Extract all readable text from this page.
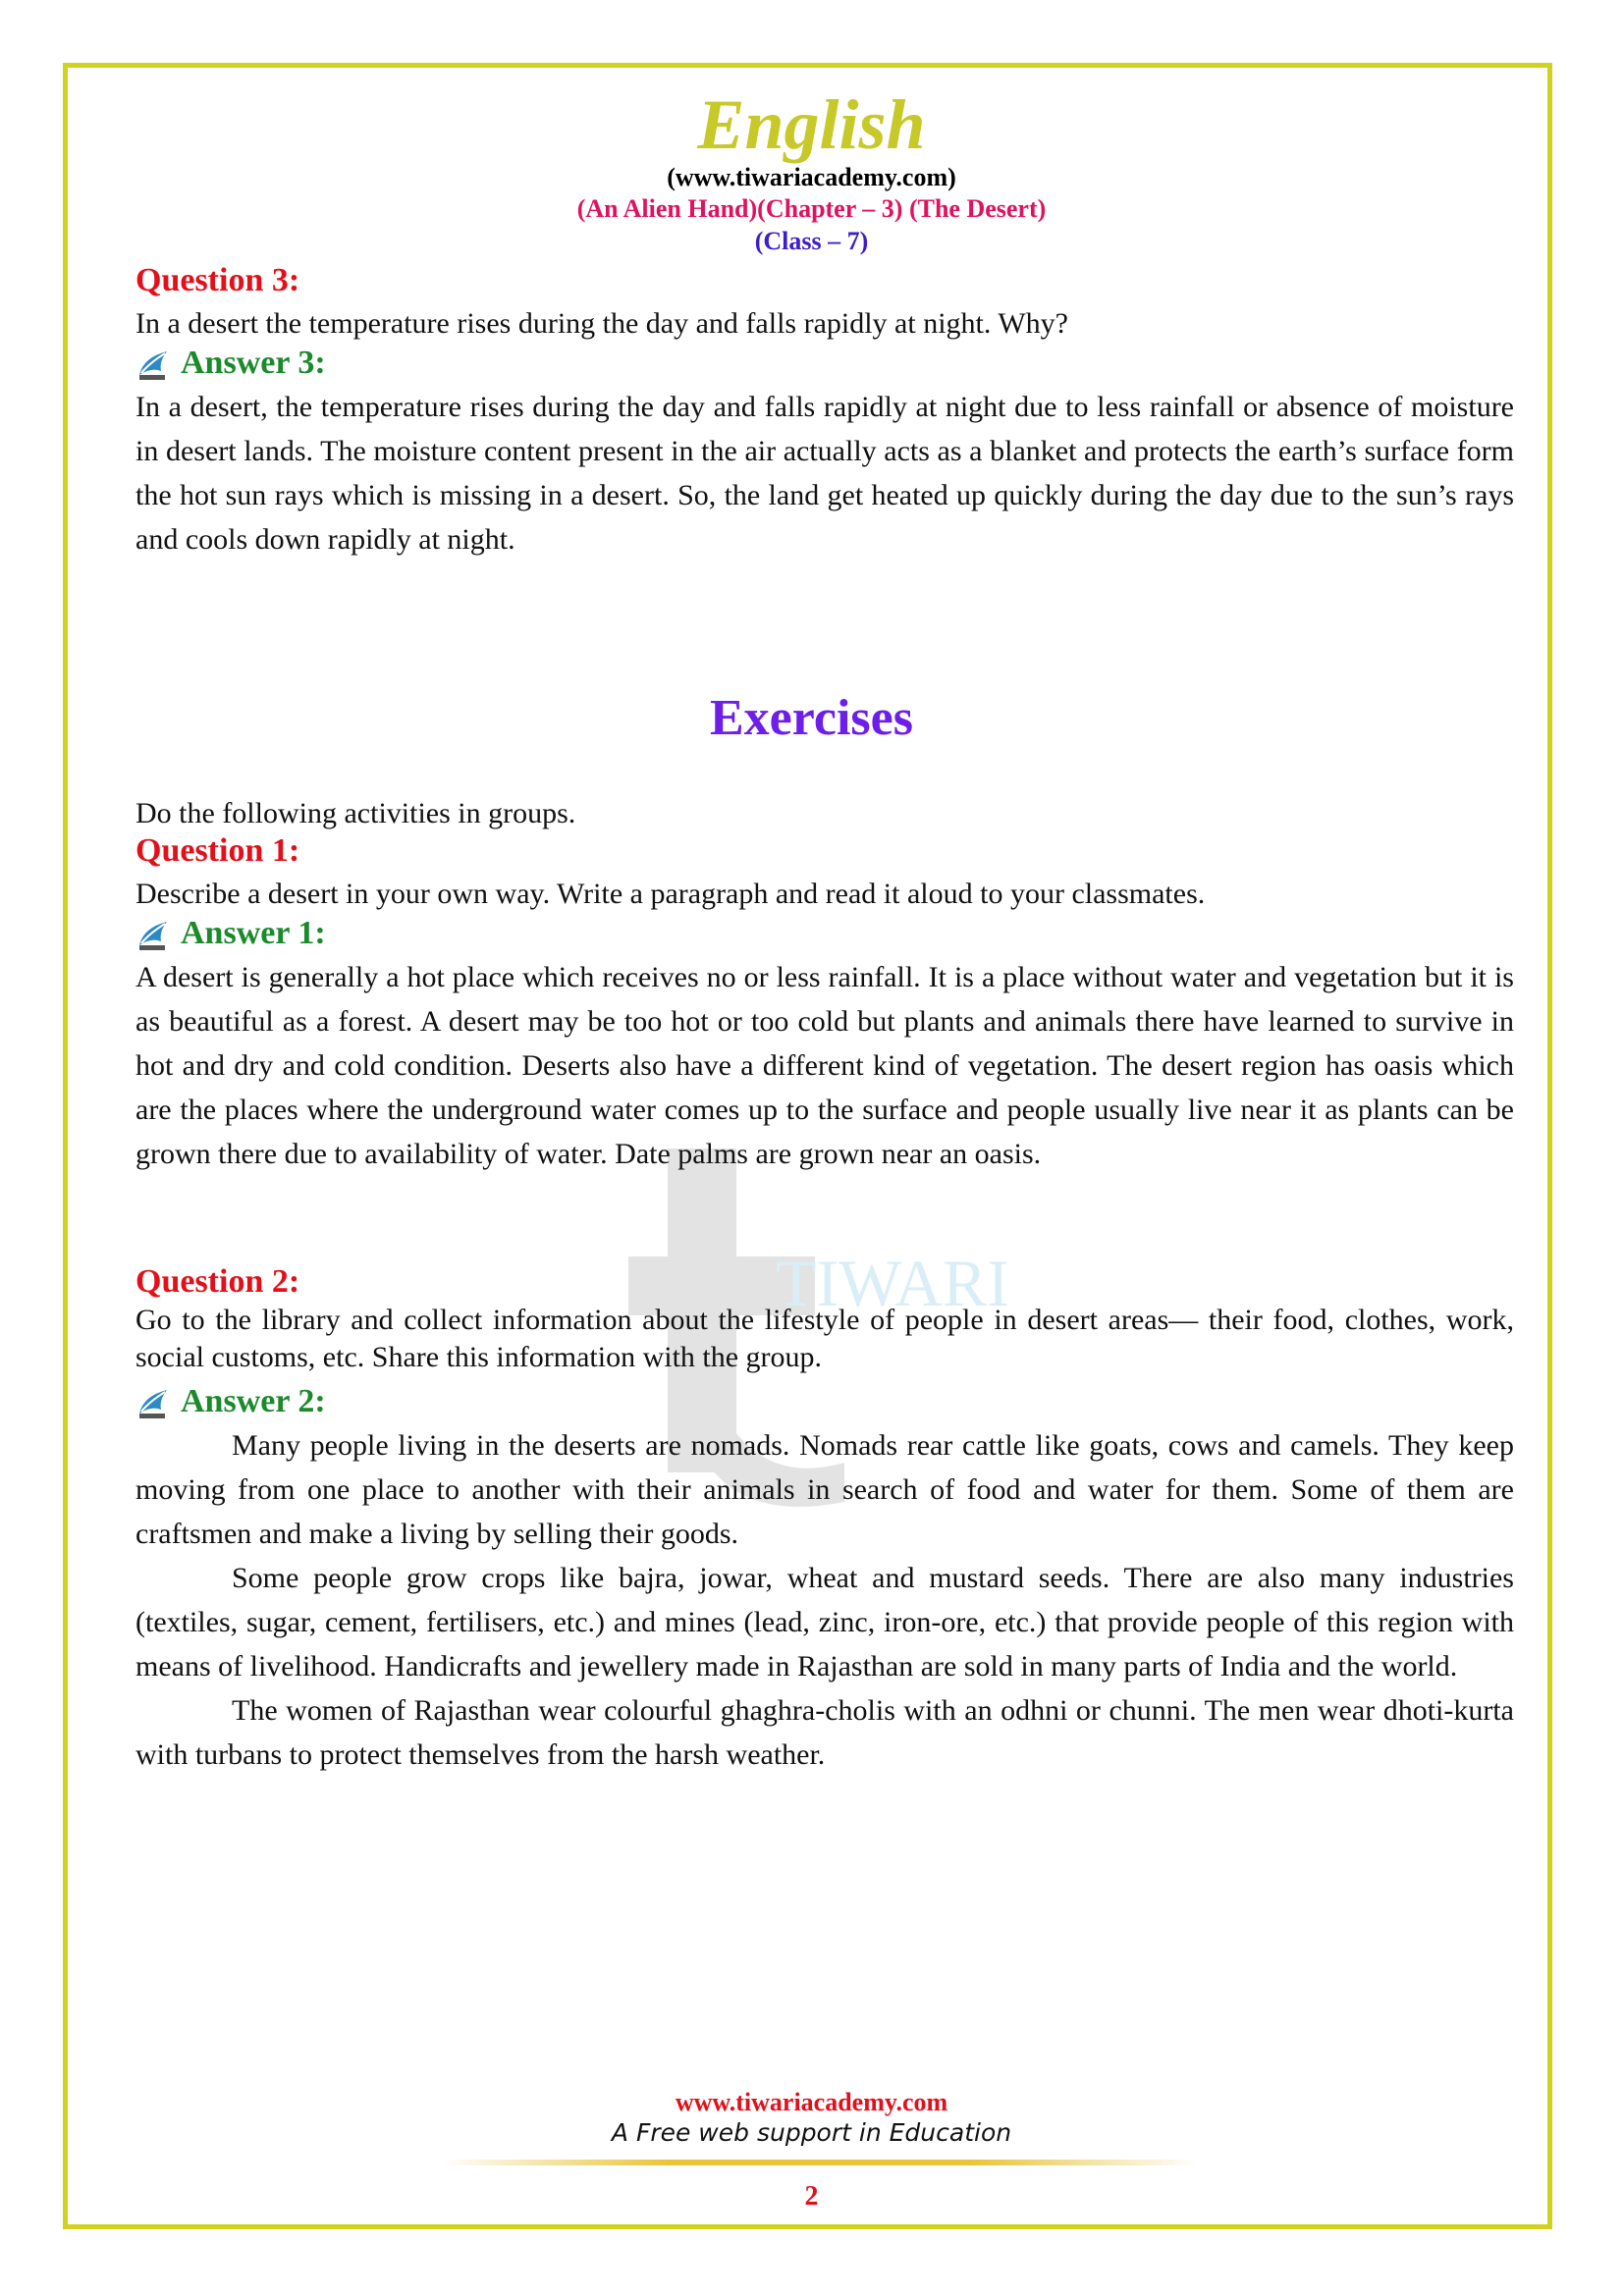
English
(www.tiwariacademy.com)
(An Alien Hand)(Chapter – 3) (The Desert)
(Class – 7)
TIWARI
Question 3:
In a desert the temperature rises during the day and falls rapidly at night. Why?
Answer 3:
In a desert, the temperature rises during the day and falls rapidly at night due to less rainfall or absence of moisture in desert lands. The moisture content present in the air actually acts as a blanket and protects the earth’s surface form the hot sun rays which is missing in a desert. So, the land get heated up quickly during the day due to the sun’s rays and cools down rapidly at night.
Exercises
Do the following activities in groups.
Question 1:
Describe a desert in your own way. Write a paragraph and read it aloud to your classmates.
Answer 1:
A desert is generally a hot place which receives no or less rainfall. It is a place without water and vegetation but it is as beautiful as a forest. A desert may be too hot or too cold but plants and animals there have learned to survive in hot and dry and cold condition. Deserts also have a different kind of vegetation. The desert region has oasis which are the places where the underground water comes up to the surface and people usually live near it as plants can be grown there due to availability of water. Date palms are grown near an oasis.
Question 2:
Go to the library and collect information about the lifestyle of people in desert areas— their food, clothes, work, social customs, etc. Share this information with the group.
Answer 2:

Many people living in the deserts are nomads. Nomads rear cattle like goats, cows and camels. They keep moving from one place to another with their animals in search of food and water for them. Some of them are craftsmen and make a living by selling their goods.

Some people grow crops like bajra, jowar, wheat and mustard seeds. There are also many industries (textiles, sugar, cement, fertilisers, etc.) and mines (lead, zinc, iron-ore, etc.) that provide people of this region with means of livelihood. Handicrafts and jewellery made in Rajasthan are sold in many parts of India and the world.

The women of Rajasthan wear colourful ghaghra-cholis with an odhni or chunni. The men wear dhoti-kurta with turbans to protect themselves from the harsh weather.

www.tiwariacademy.com
A Free web support in Education
2
